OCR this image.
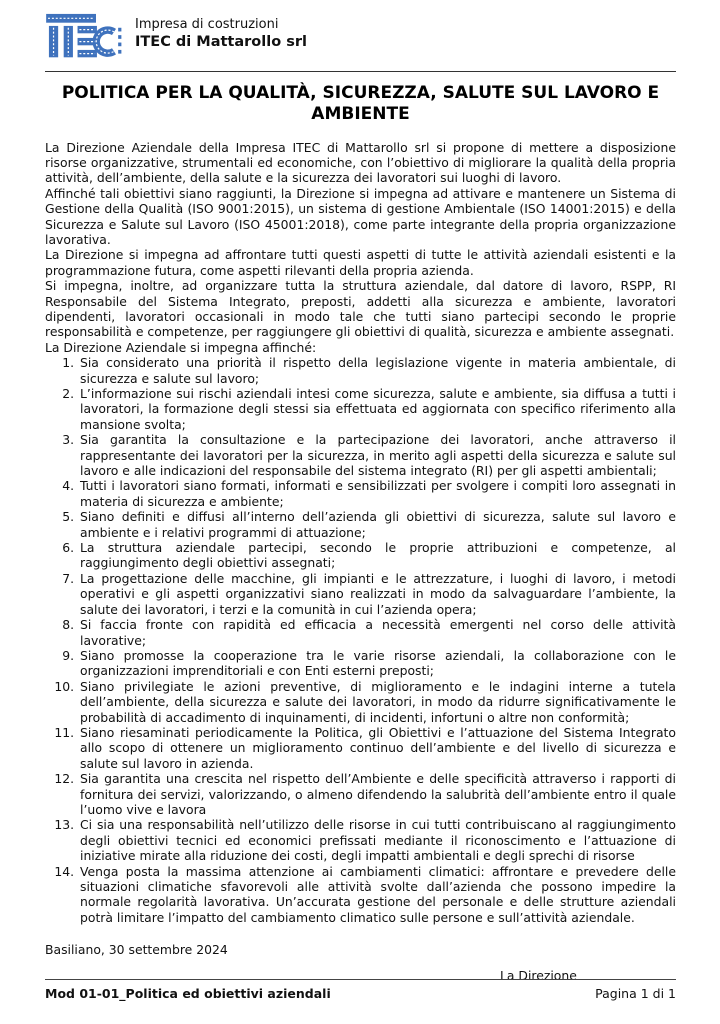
Impresa di costruzioni
ITEC di Mattarollo srl
POLITICA PER LA QUALITÀ, SICUREZZA, SALUTE SUL LAVORO E AMBIENTE

La Direzione Aziendale della Impresa ITEC di Mattarollo srl si propone di mettere a disposizione risorse organizzative, strumentali ed economiche, con l’obiettivo di migliorare la qualità della propria attività, dell’ambiente, della salute e la sicurezza dei lavoratori sui luoghi di lavoro.

Affinché tali obiettivi siano raggiunti, la Direzione si impegna ad attivare e mantenere un Sistema di Gestione della Qualità (ISO 9001:2015), un sistema di gestione Ambientale (ISO 14001:2015) e della Sicurezza e Salute sul Lavoro (ISO 45001:2018), come parte integrante della propria organizzazione lavorativa.

La Direzione si impegna ad affrontare tutti questi aspetti di tutte le attività aziendali esistenti e la programmazione futura, come aspetti rilevanti della propria azienda.

Si impegna, inoltre, ad organizzare tutta la struttura aziendale, dal datore di lavoro, RSPP, RI Responsabile del Sistema Integrato, preposti, addetti alla sicurezza e ambiente, lavoratori dipendenti, lavoratori occasionali in modo tale che tutti siano partecipi secondo le proprie responsabilità e competenze, per raggiungere gli obiettivi di qualità, sicurezza e ambiente assegnati.

La Direzione Aziendale si impegna affinché:

1. Sia considerato una priorità il rispetto della legislazione vigente in materia ambientale, di sicurezza e salute sul lavoro;
2. L’informazione sui rischi aziendali intesi come sicurezza, salute e ambiente, sia diffusa a tutti i lavoratori, la formazione degli stessi sia effettuata ed aggiornata con specifico riferimento alla mansione svolta;
3. Sia garantita la consultazione e la partecipazione dei lavoratori, anche attraverso il rappresentante dei lavoratori per la sicurezza, in merito agli aspetti della sicurezza e salute sul lavoro e alle indicazioni del responsabile del sistema integrato (RI) per gli aspetti ambientali;
4. Tutti i lavoratori siano formati, informati e sensibilizzati per svolgere i compiti loro assegnati in materia di sicurezza e ambiente;
5. Siano definiti e diffusi all’interno dell’azienda gli obiettivi di sicurezza, salute sul lavoro e ambiente e i relativi programmi di attuazione;
6. La struttura aziendale partecipi, secondo le proprie attribuzioni e competenze, al raggiungimento degli obiettivi assegnati;
7. La progettazione delle macchine, gli impianti e le attrezzature, i luoghi di lavoro, i metodi operativi e gli aspetti organizzativi siano realizzati in modo da salvaguardare l’ambiente, la salute dei lavoratori, i terzi e la comunità in cui l’azienda opera;
8. Si faccia fronte con rapidità ed efficacia a necessità emergenti nel corso delle attività lavorative;
9. Siano promosse la cooperazione tra le varie risorse aziendali, la collaborazione con le organizzazioni imprenditoriali e con Enti esterni preposti;
10. Siano privilegiate le azioni preventive, di miglioramento e le indagini interne a tutela dell’ambiente, della sicurezza e salute dei lavoratori, in modo da ridurre significativamente le probabilità di accadimento di inquinamenti, di incidenti, infortuni o altre non conformità;
11. Siano riesaminati periodicamente la Politica, gli Obiettivi e l’attuazione del Sistema Integrato allo scopo di ottenere un miglioramento continuo dell’ambiente e del livello di sicurezza e salute sul lavoro in azienda.
12. Sia garantita una crescita nel rispetto dell’Ambiente e delle specificità attraverso i rapporti di fornitura dei servizi, valorizzando, o almeno difendendo la salubrità dell’ambiente entro il quale l’uomo vive e lavora
13. Ci sia una responsabilità nell’utilizzo delle risorse in cui tutti contribuiscano al raggiungimento degli obiettivi tecnici ed economici prefissati mediante il riconoscimento e l’attuazione di iniziative mirate alla riduzione dei costi, degli impatti ambientali e degli sprechi di risorse
14. Venga posta la massima attenzione ai cambiamenti climatici: affrontare e prevedere delle situazioni climatiche sfavorevoli alle attività svolte dall’azienda che possono impedire la normale regolarità lavorativa. Un’accurata gestione del personale e delle strutture aziendali potrà limitare l’impatto del cambiamento climatico sulle persone e sull’attività aziendale.
Basiliano, 30 settembre 2024
La Direzione
Mod 01-01_Politica ed obiettivi aziendali	Pagina 1 di 1
